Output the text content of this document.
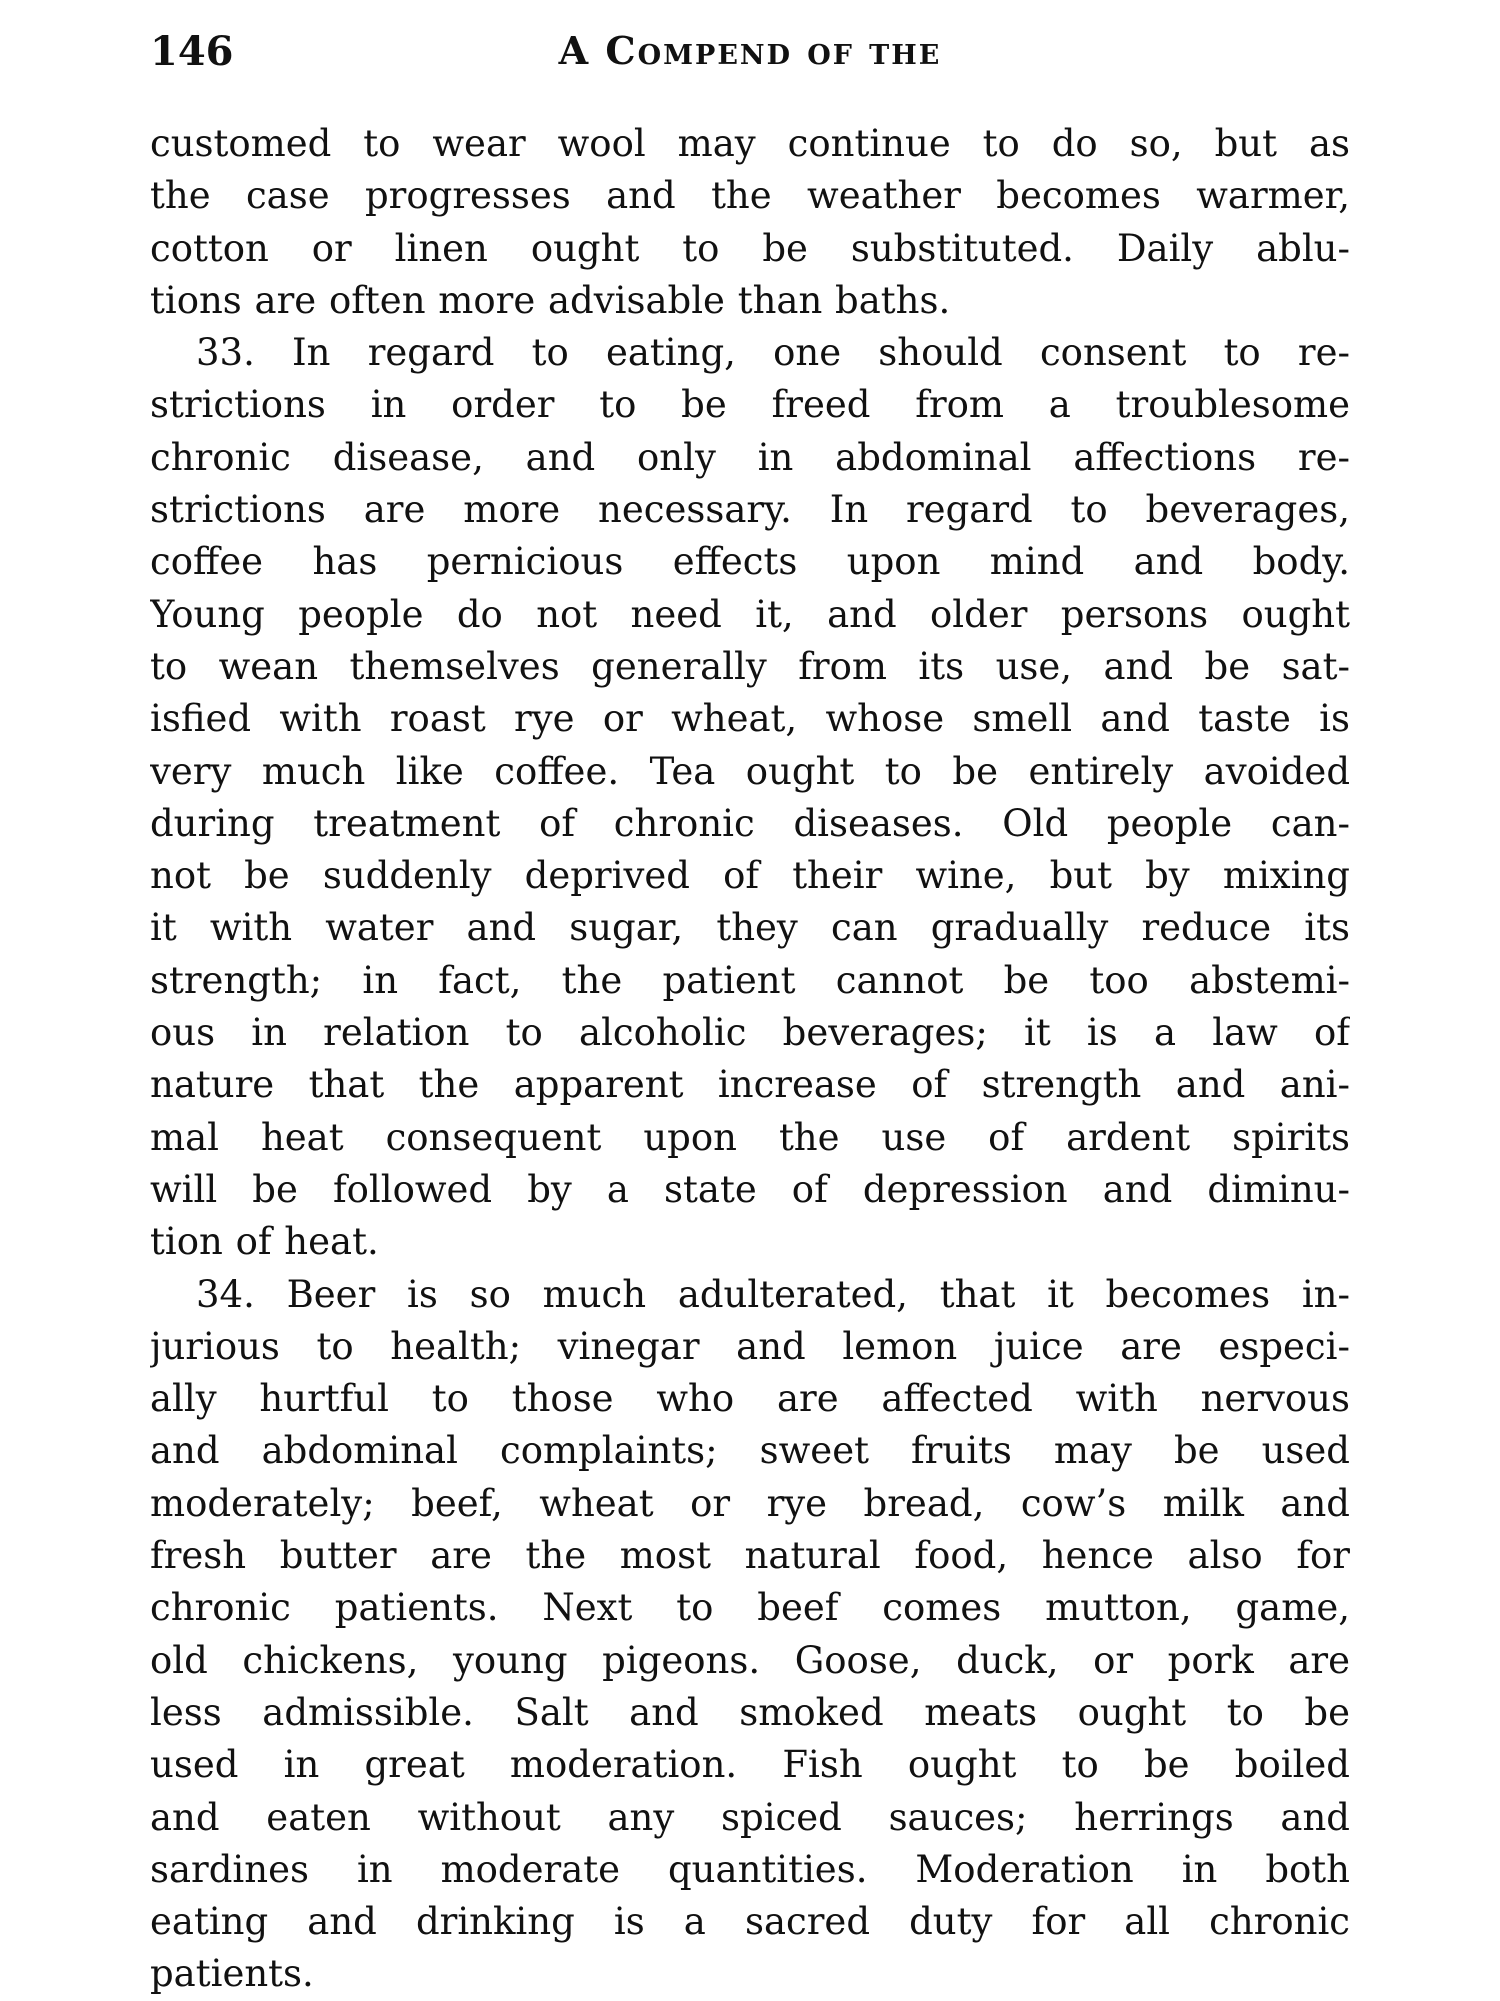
146	A Compend of the
customed to wear wool may continue to do so, but as
the case progresses and the weather becomes warmer,
cotton or linen ought to be substituted. Daily ablu-
tions are often more advisable than baths.
33. In regard to eating, one should consent to re-
strictions in order to be freed from a troublesome
chronic disease, and only in abdominal affections re-
strictions are more necessary. In regard to beverages,
coffee has pernicious effects upon mind and body.
Young people do not need it, and older persons ought
to wean themselves generally from its use, and be sat-
isfied with roast rye or wheat, whose smell and taste is
very much like coffee. Tea ought to be entirely avoided
during treatment of chronic diseases. Old people can-
not be suddenly deprived of their wine, but by mixing
it with water and sugar, they can gradually reduce its
strength; in fact, the patient cannot be too abstemi-
ous in relation to alcoholic beverages; it is a law of
nature that the apparent increase of strength and ani-
mal heat consequent upon the use of ardent spirits
will be followed by a state of depression and diminu-
tion of heat.
34. Beer is so much adulterated, that it becomes in-
jurious to health; vinegar and lemon juice are especi-
ally hurtful to those who are affected with nervous
and abdominal complaints; sweet fruits may be used
moderately; beef, wheat or rye bread, cow’s milk and
fresh butter are the most natural food, hence also for
chronic patients. Next to beef comes mutton, game,
old chickens, young pigeons. Goose, duck, or pork are
less admissible. Salt and smoked meats ought to be
used in great moderation. Fish ought to be boiled
and eaten without any spiced sauces; herrings and
sardines in moderate quantities. Moderation in both
eating and drinking is a sacred duty for all chronic
patients.
